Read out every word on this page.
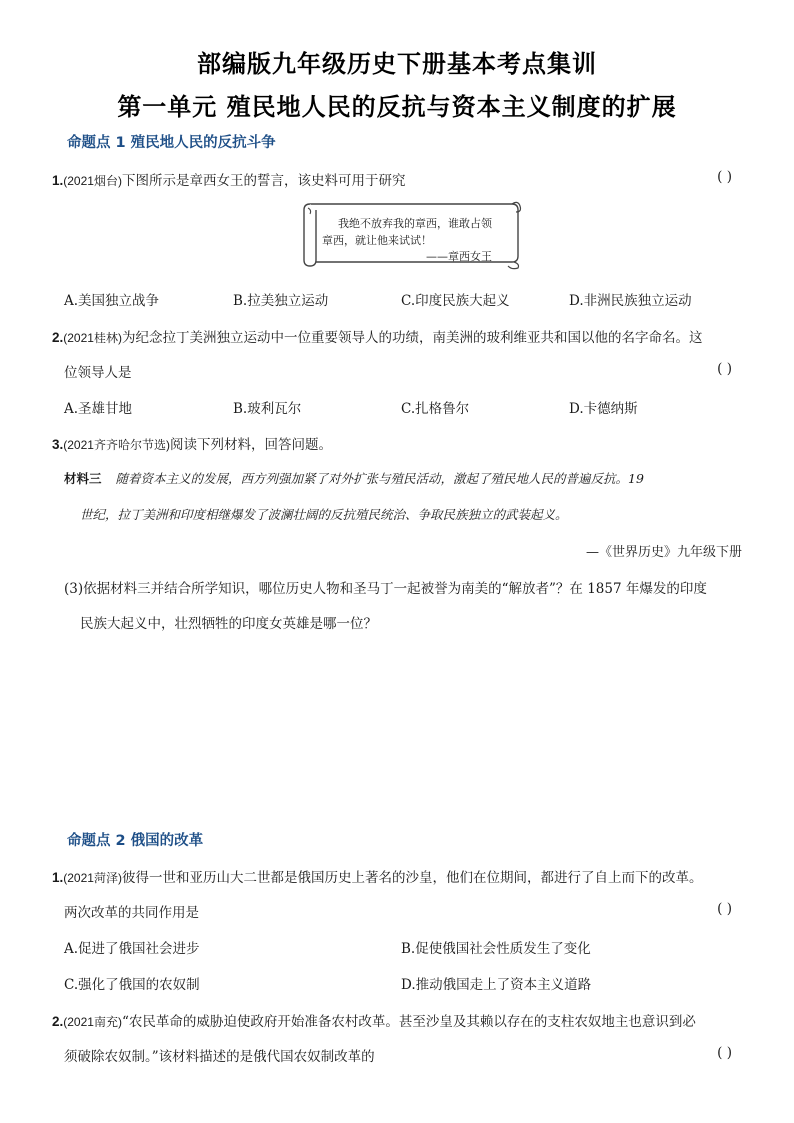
部编版九年级历史下册基本考点集训
第一单元 殖民地人民的反抗与资本主义制度的扩展
命题点 1 殖民地人民的反抗斗争
1.(2021烟台)下图所示是章西女王的誓言，该史料可用于研究	( )
我绝不放弃我的章西，谁敢占领
章西，就让他来试试！
——章西女王
A.美国独立战争	B.拉美独立运动	C.印度民族大起义	D.非洲民族独立运动
2.(2021桂林)为纪念拉丁美洲独立运动中一位重要领导人的功绩，南美洲的玻利维亚共和国以他的名字命名。这
位领导人是	( )
A.圣雄甘地	B.玻利瓦尔	C.扎格鲁尔	D.卡德纳斯
3.(2021齐齐哈尔节选)阅读下列材料，回答问题。
材料三 随着资本主义的发展，西方列强加紧了对外扩张与殖民活动，激起了殖民地人民的普遍反抗。19
世纪，拉丁美洲和印度相继爆发了波澜壮阔的反抗殖民统治、争取民族独立的武装起义。
—《世界历史》九年级下册
(3)依据材料三并结合所学知识，哪位历史人物和圣马丁一起被誉为南美的“解放者”？在 1857 年爆发的印度
民族大起义中，壮烈牺牲的印度女英雄是哪一位？
命题点 2 俄国的改革
1.(2021菏泽)彼得一世和亚历山大二世都是俄国历史上著名的沙皇，他们在位期间，都进行了自上而下的改革。
两次改革的共同作用是	( )
A.促进了俄国社会进步	B.促使俄国社会性质发生了变化
C.强化了俄国的农奴制	D.推动俄国走上了资本主义道路
2.(2021南充)“农民革命的威胁迫使政府开始准备农村改革。甚至沙皇及其赖以存在的支柱农奴地主也意识到必
须破除农奴制。”该材料描述的是俄代国农奴制改革的	( )
